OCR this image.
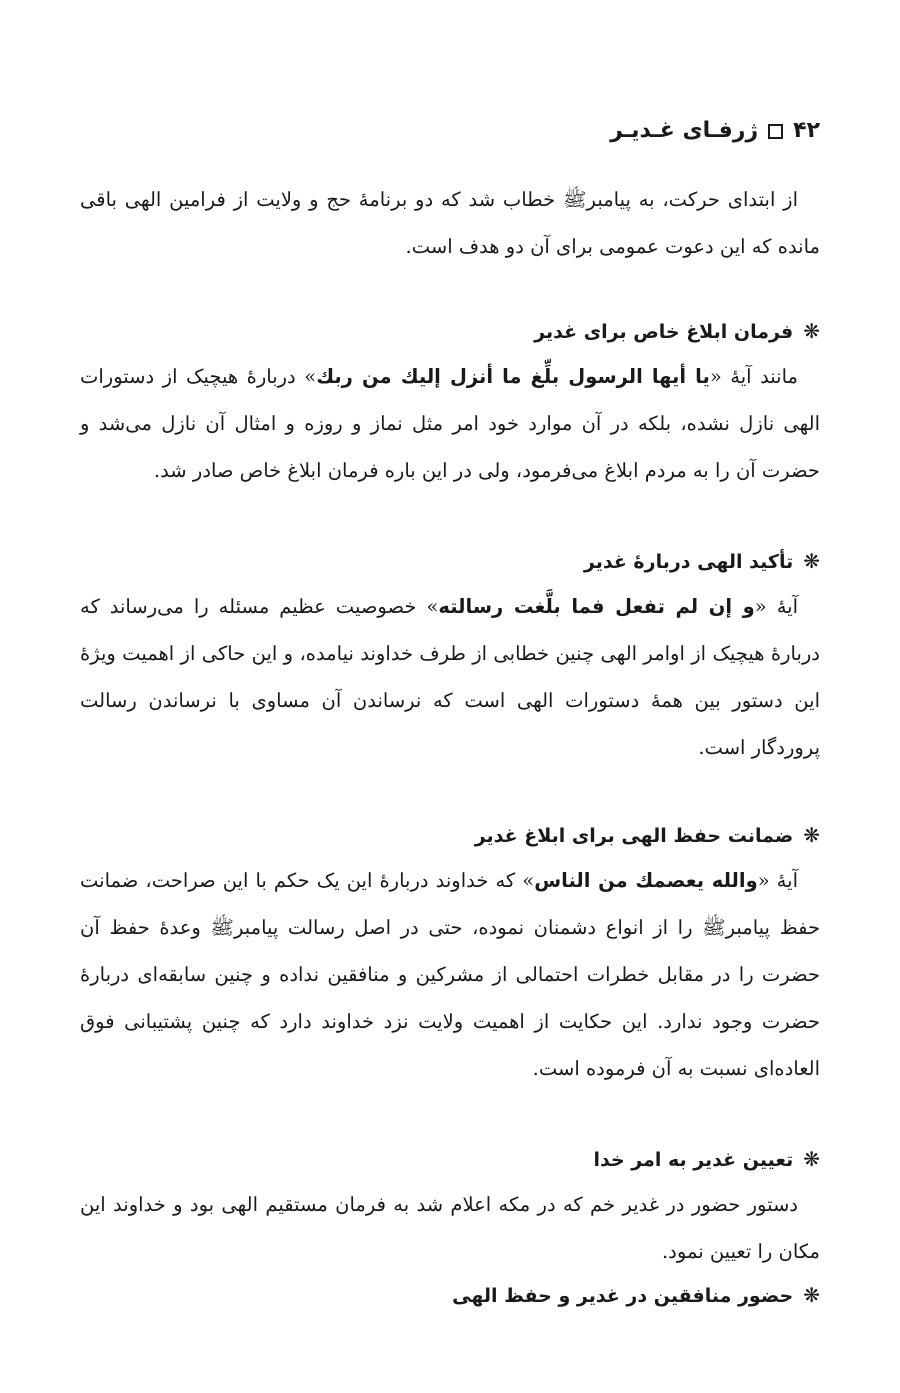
۴۲ژرفـای غـدیـر

از ابتدای حرکت، به پیامبرﷺ خطاب شد که دو برنامهٔ حج و ولایت از فرامین الهی باقی مانده که این دعوت عمومی برای آن دو هدف است.

❋فرمان ابلاغ خاص برای غدیر

مانند آیهٔ «یا أیها الرسول بلِّغ ما أنزل إلیك من ربك» دربارهٔ هیچیک از دستورات الهی نازل نشده، بلکه در آن موارد خود امر مثل نماز و روزه و امثال آن نازل می‌شد و حضرت آن را به مردم ابلاغ می‌فرمود، ولی در این باره فرمان ابلاغ خاص صادر شد.

❋تأکید الهی دربارهٔ غدیر

آیهٔ «و إن لم تفعل فما بلَّغت رسالته» خصوصیت عظیم مسئله را می‌رساند که دربارهٔ هیچیک از اوامر الهی چنین خطابی از طرف خداوند نیامده، و این حاکی از اهمیت ویژهٔ این دستور بین همهٔ دستورات الهی است که نرساندن آن مساوی با نرساندن رسالت پروردگار است.

❋ضمانت حفظ الهی برای ابلاغ غدیر

آیهٔ «والله یعصمك من الناس» که خداوند دربارهٔ این یک حکم با این صراحت، ضمانت حفظ پیامبرﷺ را از انواع دشمنان نموده، حتی در اصل رسالت پیامبرﷺ وعدهٔ حفظ آن حضرت را در مقابل خطرات احتمالی از مشرکین و منافقین نداده و چنین سابقه‌ای دربارهٔ حضرت وجود ندارد. این حکایت از اهمیت ولایت نزد خداوند دارد که چنین پشتیبانی فوق العاده‌ای نسبت به آن فرموده است.

❋تعیین غدیر به امر خدا

دستور حضور در غدیر خم که در مکه اعلام شد به فرمان مستقیم الهی بود و خداوند این مکان را تعیین نمود.

❋حضور منافقین در غدیر و حفظ الهی
